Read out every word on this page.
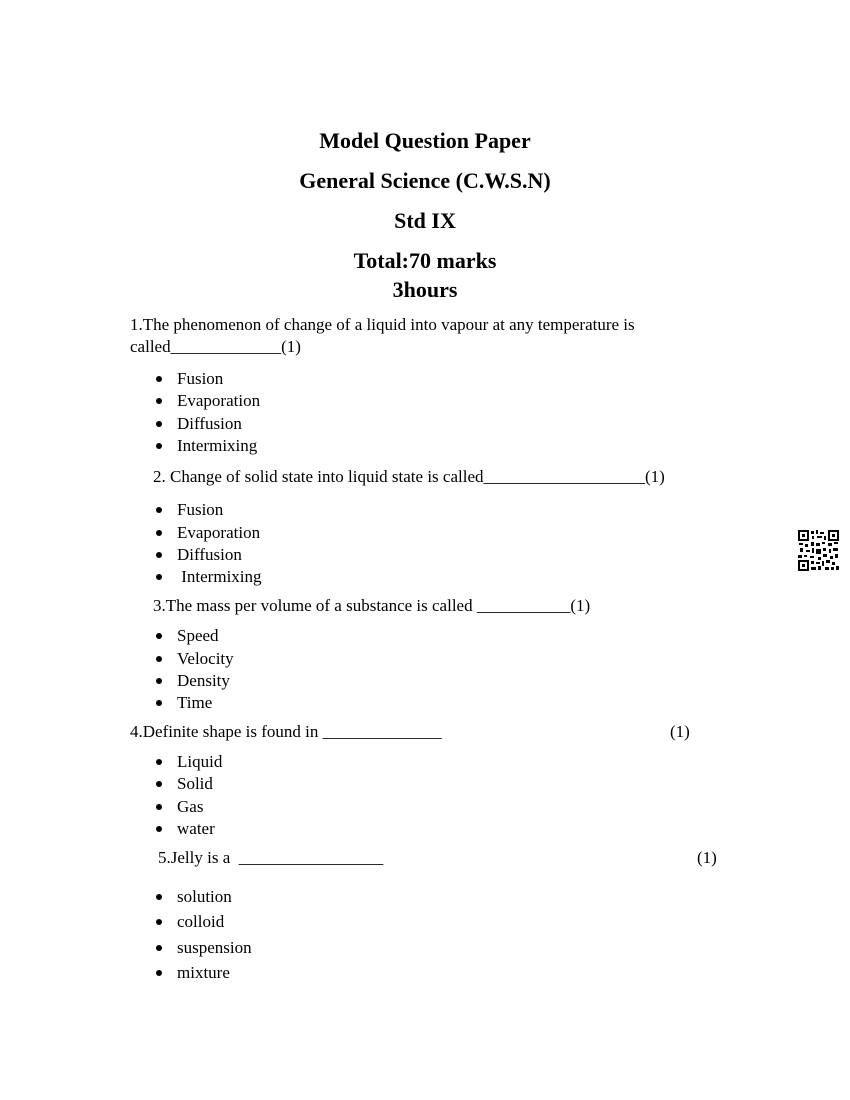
Model Question Paper
General Science (C.W.S.N)
Std IX
Total:70 marks
3hours
1.The phenomenon of change of a liquid into vapour at any temperature is
called_____________(1)
Fusion
Evaporation
Diffusion
Intermixing
2. Change of solid state into liquid state is called___________________(1)
Fusion
Evaporation
Diffusion
Intermixing
3.The mass per volume of a substance is called ___________(1)
Speed
Velocity
Density
Time
4.Definite shape is found in ______________	(1)
Liquid
Solid
Gas
water
5.Jelly is a  _________________	(1)
solution
colloid
suspension
mixture
